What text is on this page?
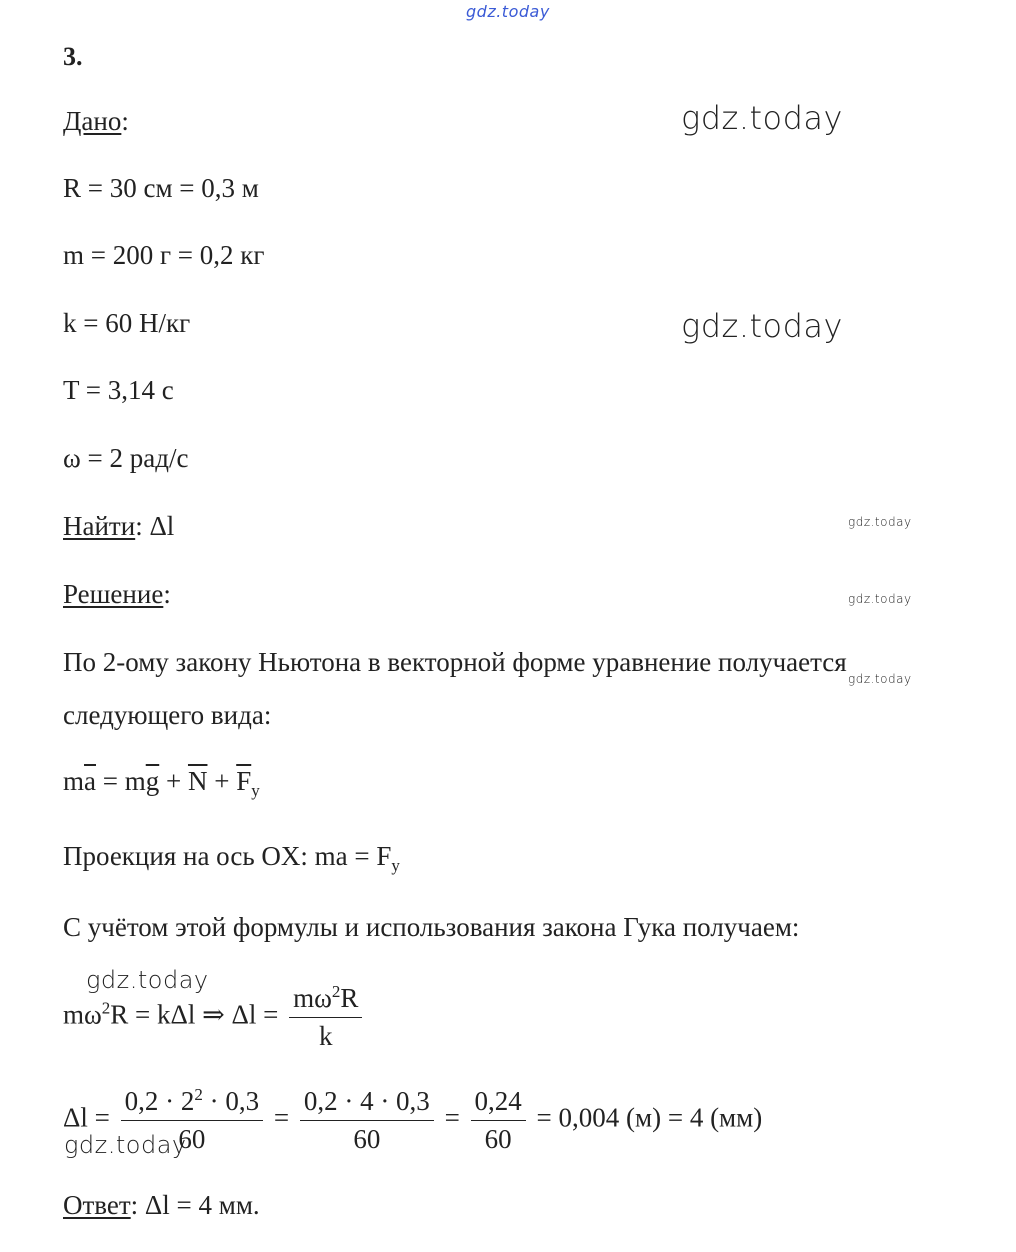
gdz.today
gdz.today
gdz.today
gdz.today
gdz.today
gdz.today
gdz.today
gdz.today
3.
Дано:
R = 30 см = 0,3 м
m = 200 г = 0,2 кг
k = 60 Н/кг
T = 3,14 с
ω = 2 рад/с
Найти: Δl
Решение:
По 2-ому закону Ньютона в векторной форме уравнение получается
следующего вида:
$m\overline{a} = m\overline{g} + \overline{N} + \overline{F}_y$
Проекция на ось OX: ma = $F_y$
С учётом этой формулы и использования закона Гука получаем:
$m\omega^2R = k\Delta l$ ⇒ $\Delta l = \frac{m\omega^2R}{k}$
$\Delta l = \frac{0,2 \cdot 2^2 \cdot 0,3}{60} = \frac{0,2 \cdot 4 \cdot 0,3}{60} = \frac{0,24}{60} = 0,004$ (м) = 4 (мм)
Ответ: Δl = 4 мм.
